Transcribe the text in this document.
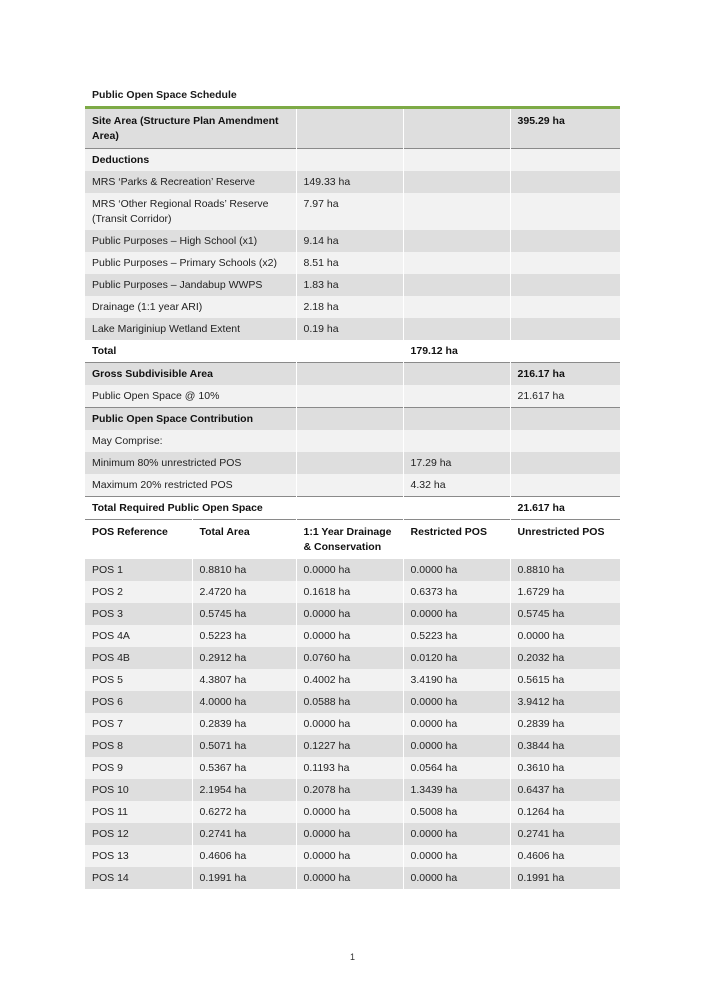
Public Open Space Schedule
Site Area (Structure Plan Amendment Area)				395.29 ha
Deductions				
MRS ‘Parks & Recreation’ Reserve		149.33 ha		
MRS ‘Other Regional Roads’ Reserve (Transit Corridor)		7.97 ha		
Public Purposes – High School (x1)		9.14 ha		
Public Purposes – Primary Schools (x2)		8.51 ha		
Public Purposes – Jandabup WWPS		1.83 ha		
Drainage (1:1 year ARI)		2.18 ha		
Lake Mariginiup Wetland Extent		0.19 ha		
Total			179.12 ha	
Gross Subdivisible Area				216.17 ha
Public Open Space @ 10%				21.617 ha
Public Open Space Contribution				
May Comprise:				
Minimum 80% unrestricted POS			17.29 ha	
Maximum 20% restricted POS			4.32 ha	
Total Required Public Open Space				21.617 ha
POS Reference	Total Area	1:1 Year Drainage & Conservation	Restricted POS	Unrestricted POS
POS 1	0.8810 ha	0.0000 ha	0.0000 ha	0.8810 ha
POS 2	2.4720 ha	0.1618 ha	0.6373 ha	1.6729 ha
POS 3	0.5745 ha	0.0000 ha	0.0000 ha	0.5745 ha
POS 4A	0.5223 ha	0.0000 ha	0.5223 ha	0.0000 ha
POS 4B	0.2912 ha	0.0760 ha	0.0120 ha	0.2032 ha
POS 5	4.3807 ha	0.4002 ha	3.4190 ha	0.5615 ha
POS 6	4.0000 ha	0.0588 ha	0.0000 ha	3.9412 ha
POS 7	0.2839 ha	0.0000 ha	0.0000 ha	0.2839 ha
POS 8	0.5071 ha	0.1227 ha	0.0000 ha	0.3844 ha
POS 9	0.5367 ha	0.1193 ha	0.0564 ha	0.3610 ha
POS 10	2.1954 ha	0.2078 ha	1.3439 ha	0.6437 ha
POS 11	0.6272 ha	0.0000 ha	0.5008 ha	0.1264 ha
POS 12	0.2741 ha	0.0000 ha	0.0000 ha	0.2741 ha
POS 13	0.4606 ha	0.0000 ha	0.0000 ha	0.4606 ha
POS 14	0.1991 ha	0.0000 ha	0.0000 ha	0.1991 ha
1
